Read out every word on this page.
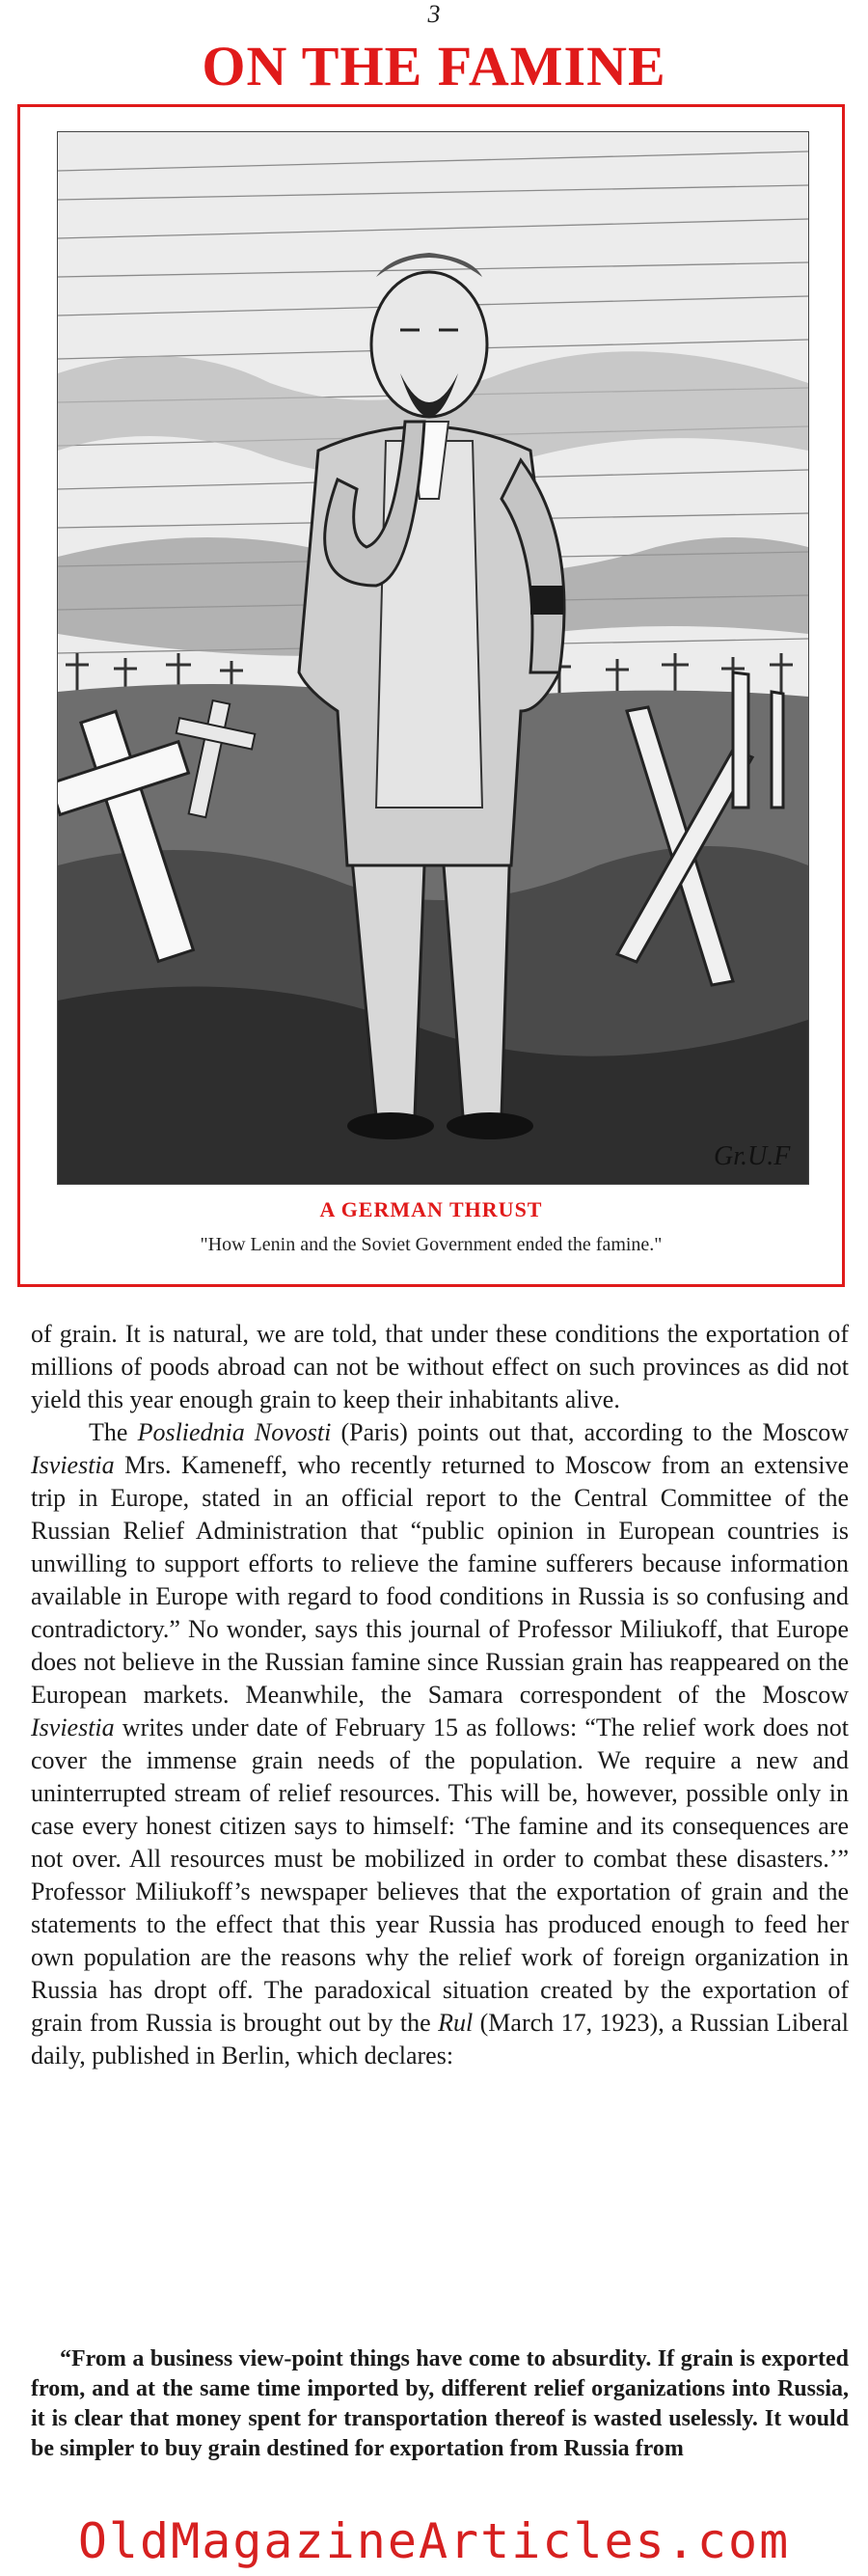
3
ON THE FAMINE
Gr.U.F
A GERMAN THRUST
"How Lenin and the Soviet Government ended the famine."

of grain. It is natural, we are told, that under these conditions the exportation of millions of poods abroad can not be without effect on such provinces as did not yield this year enough grain to keep their inhabitants alive.

The Posliednia Novosti (Paris) points out that, according to the Moscow Isviestia Mrs. Kameneff, who recently returned to Moscow from an extensive trip in Europe, stated in an official report to the Central Committee of the Russian Relief Administration that “public opinion in European countries is unwilling to support efforts to relieve the famine sufferers because information available in Europe with regard to food conditions in Russia is so confusing and contradictory.” No wonder, says this journal of Professor Miliukoff, that Europe does not believe in the Russian famine since Russian grain has reappeared on the European markets. Meanwhile, the Samara correspondent of the Moscow Isviestia writes under date of February 15 as follows: “The relief work does not cover the immense grain needs of the population. We require a new and uninterrupted stream of relief resources. This will be, however, possible only in case every honest citizen says to himself: ‘The famine and its consequences are not over. All resources must be mobilized in order to combat these disasters.’” Professor Miliukoff’s newspaper believes that the exportation of grain and the statements to the effect that this year Russia has produced enough to feed her own population are the reasons why the relief work of foreign organization in Russia has dropt off. The paradoxical situation created by the exportation of grain from Russia is brought out by the Rul (March 17, 1923), a Russian Liberal daily, published in Berlin, which declares:

“From a business view-point things have come to absurdity. If grain is exported from, and at the same time imported by, different relief organizations into Russia, it is clear that money spent for transportation thereof is wasted uselessly. It would be simpler to buy grain destined for exportation from Russia from

OldMagazineArticles.com
